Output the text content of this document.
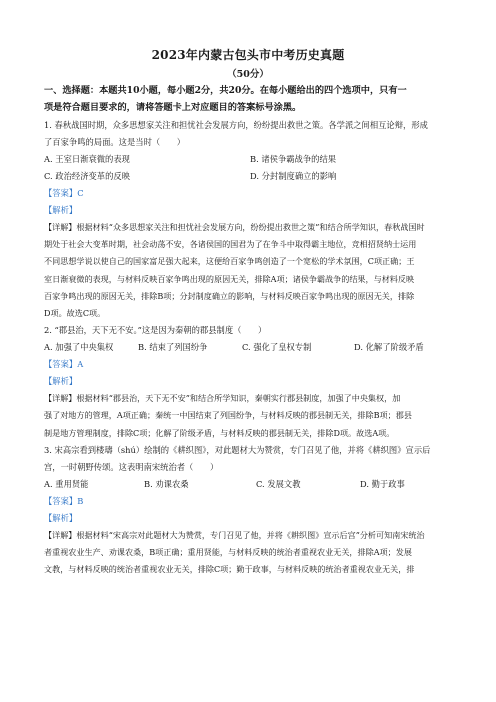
2023年内蒙古包头市中考历史真题
（50分）
一、选择题：本题共10小题，每小题2分，共20分。在每小题给出的四个选项中，只有一
项是符合题目要求的，请将答题卡上对应题目的答案标号涂黑。
1. 春秋战国时期，众多思想家关注和担忧社会发展方向，纷纷提出救世之策。各学派之间相互论辩，形成
了百家争鸣的局面。这是当时（　　）
A. 王室日渐衰微的表现	B. 诸侯争霸战争的结果
C. 政治经济变革的反映	D. 分封制度确立的影响
【答案】C
【解析】
【详解】根据材料“众多思想家关注和担忧社会发展方向，纷纷提出救世之策”和结合所学知识，春秋战国时
期处于社会大变革时期，社会动荡不安，各诸侯国的国君为了在争斗中取得霸主地位，竞相招贤纳士运用
不同思想学说以使自己的国家富足强大起来，这便给百家争鸣创造了一个宽松的学术氛围，C项正确；王
室日渐衰微的表现，与材料反映百家争鸣出现的原因无关，排除A项；诸侯争霸战争的结果，与材料反映
百家争鸣出现的原因无关，排除B项；分封制度确立的影响，与材料反映百家争鸣出现的原因无关，排除
D项。故选C项。
2. “郡县治，天下无不安。”这是因为秦朝的郡县制度（　　）
A. 加强了中央集权	B. 结束了列国纷争	C. 强化了皇权专制	D. 化解了阶级矛盾
【答案】A
【解析】
【详解】根据材料“郡县治，天下无不安”和结合所学知识，秦朝实行郡县制度，加强了中央集权，加
强了对地方的管理，A项正确；秦统一中国结束了列国纷争，与材料反映的郡县制无关，排除B项；郡县
制是地方管理制度，排除C项；化解了阶级矛盾，与材料反映的郡县制无关，排除D项。故选A项。
3. 宋高宗看到楼璹（shú）绘制的《耕织图》，对此题材大为赞赏，专门召见了他，并将《耕织图》宣示后
宫，一时朝野传颂。这表明南宋统治者（　　）
A. 重用贤能	B. 劝课农桑	C. 发展文教	D. 勤于政事
【答案】B
【解析】
【详解】根据材料“宋高宗对此题材大为赞赏，专门召见了他，并将《耕织图》宣示后宫”分析可知南宋统治
者重视农业生产、劝课农桑，B项正确；重用贤能，与材料反映的统治者重视农业无关，排除A项；发展
文教，与材料反映的统治者重视农业无关，排除C项；勤于政事，与材料反映的统治者重视农业无关，排
